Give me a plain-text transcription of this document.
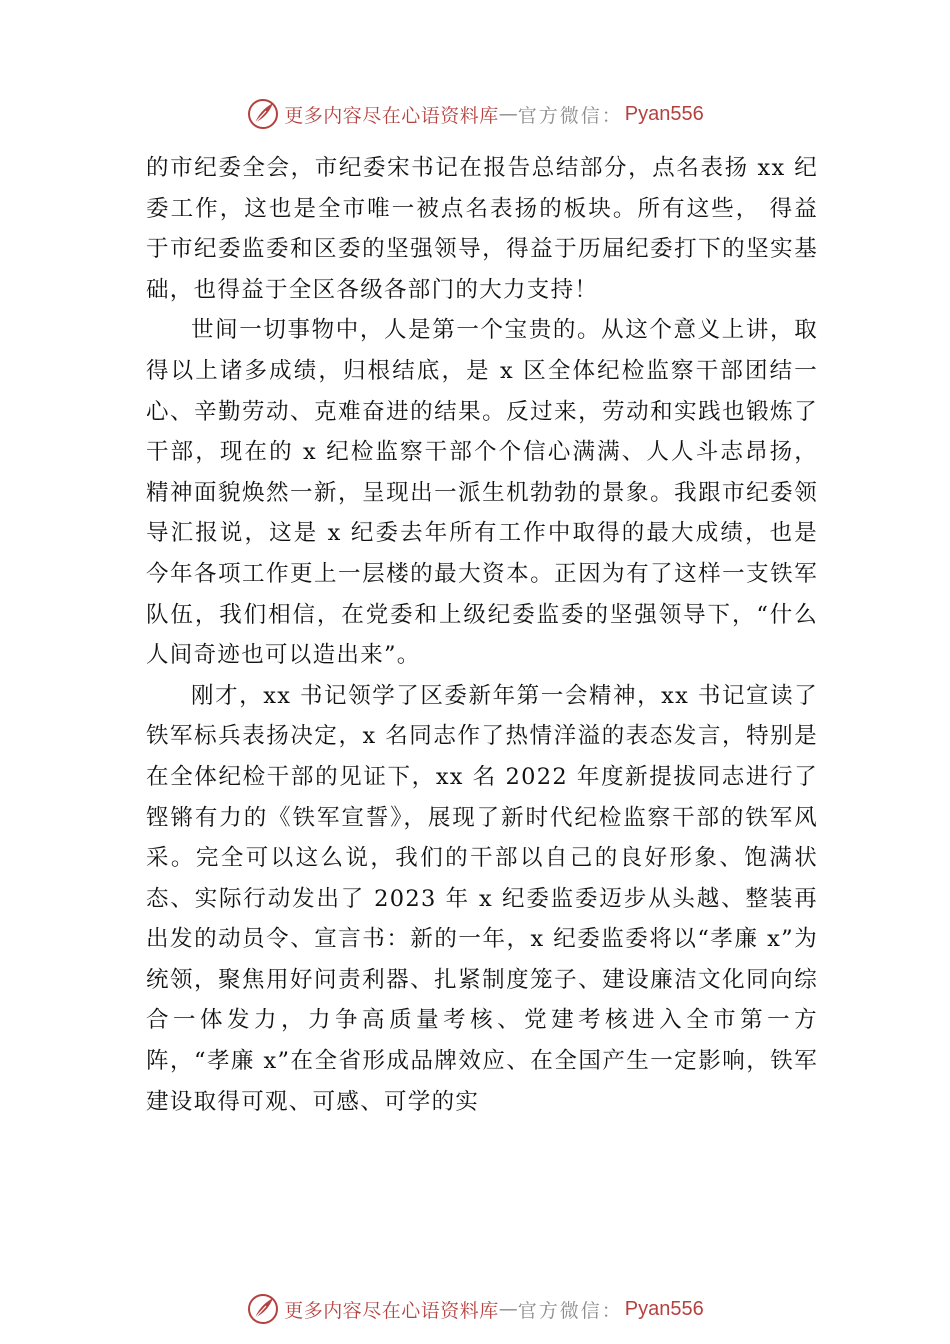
更多内容尽在心语资料库 — 官方微信： Pyan556

的市纪委全会，市纪委宋书记在报告总结部分，点名表扬 xx 纪委工作，这也是全市唯一被点名表扬的板块。所有这些， 得益于市纪委监委和区委的坚强领导，得益于历届纪委打下的坚实基础，也得益于全区各级各部门的大力支持！

世间一切事物中，人是第一个宝贵的。从这个意义上讲，取得以上诸多成绩，归根结底，是 x 区全体纪检监察干部团结一心、辛勤劳动、克难奋进的结果。反过来，劳动和实践也锻炼了干部，现在的 x 纪检监察干部个个信心满满、人人斗志昂扬，精神面貌焕然一新，呈现出一派生机勃勃的景象。我跟市纪委领导汇报说，这是 x 纪委去年所有工作中取得的最大成绩，也是今年各项工作更上一层楼的最大资本。正因为有了这样一支铁军队伍，我们相信，在党委和上级纪委监委的坚强领导下，“什么人间奇迹也可以造出来”。

刚才，xx 书记领学了区委新年第一会精神，xx 书记宣读了铁军标兵表扬决定，x 名同志作了热情洋溢的表态发言，特别是在全体纪检干部的见证下，xx 名 2022 年度新提拔同志进行了铿锵有力的《铁军宣誓》，展现了新时代纪检监察干部的铁军风采。完全可以这么说，我们的干部以自己的良好形象、饱满状态、实际行动发出了 2023 年 x 纪委监委迈步从头越、整装再出发的动员令、宣言书：新的一年，x 纪委监委将以“孝廉 x”为统领，聚焦用好问责利器、扎紧制度笼子、建设廉洁文化同向综合一体发力，力争高质量考核、党建考核进入全市第一方阵，“孝廉 x”在全省形成品牌效应、在全国产生一定影响，铁军建设取得可观、可感、可学的实

更多内容尽在心语资料库 — 官方微信： Pyan556
